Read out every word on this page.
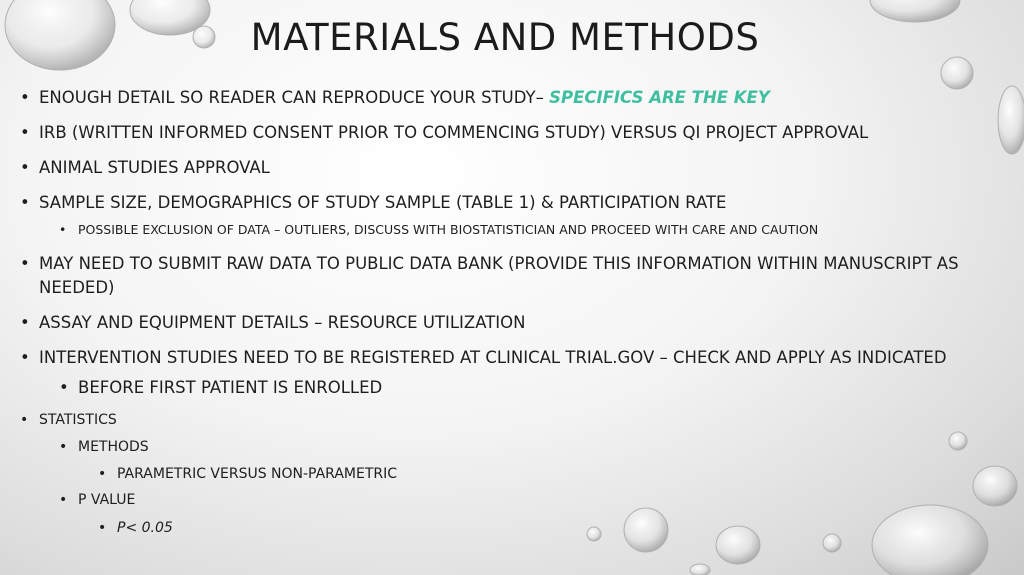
MATERIALS AND METHODS
• ENOUGH DETAIL SO READER CAN REPRODUCE YOUR STUDY– SPECIFICS ARE THE KEY
• IRB (WRITTEN INFORMED CONSENT PRIOR TO COMMENCING STUDY) VERSUS QI PROJECT APPROVAL
• ANIMAL STUDIES APPROVAL
• SAMPLE SIZE, DEMOGRAPHICS OF STUDY SAMPLE (TABLE 1) & PARTICIPATION RATE
• POSSIBLE EXCLUSION OF DATA – OUTLIERS, DISCUSS WITH BIOSTATISTICIAN AND PROCEED WITH CARE AND CAUTION
• MAY NEED TO SUBMIT RAW DATA TO PUBLIC DATA BANK (PROVIDE THIS INFORMATION WITHIN MANUSCRIPT AS
NEEDED)
• ASSAY AND EQUIPMENT DETAILS – RESOURCE UTILIZATION
• INTERVENTION STUDIES NEED TO BE REGISTERED AT CLINICAL TRIAL.GOV – CHECK AND APPLY AS INDICATED
• BEFORE FIRST PATIENT IS ENROLLED
• STATISTICS
• METHODS
• PARAMETRIC VERSUS NON-PARAMETRIC
• P VALUE
• P< 0.05
